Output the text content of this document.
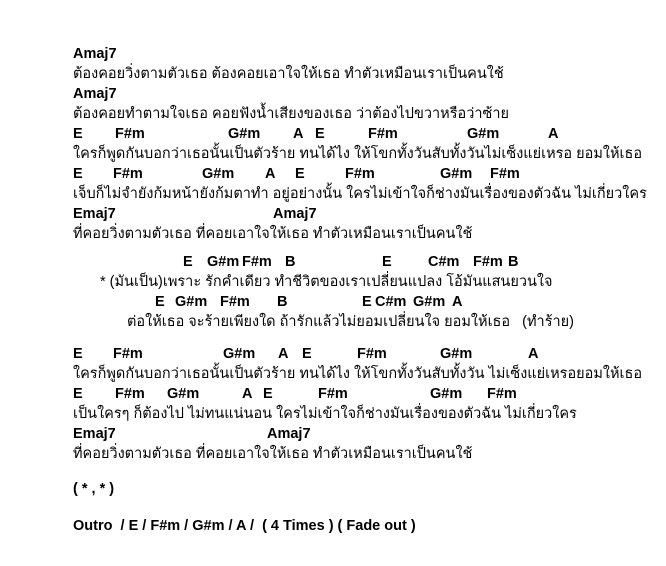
Amaj7
ต้องคอยวิ่งตามตัวเธอ ต้องคอยเอาใจให้เธอ ทำตัวเหมือนเราเป็นคนใช้
Amaj7
ต้องคอยทำตามใจเธอ คอยฟังน้ำเสียงของเธอ ว่าต้องไปขวาหรือว่าซ้าย
E F#m	G#m A E	F#m	G#m	A
ใครก็พูดกันบอกว่าเธอนั้นเป็นตัวร้าย ทนได้ไง ให้โขกทั้งวันสับทั้งวันไม่เซ็งแย่เหรอ ยอมให้เธอ
E F#m	G#m A E	F#m	G#m F#m
เจ็บก็ไม่จำยังก้มหน้ายังก้มตาทำ อยู่อย่างนั้น ใครไม่เข้าใจก็ช่างมันเรื่องของตัวฉัน ไม่เกี่ยวใคร
Emaj7	Amaj7
ที่คอยวิ่งตามตัวเธอ ที่คอยเอาใจให้เธอ ทำตัวเหมือนเราเป็นคนใช้
E G#m F#m B	E	C#m F#m B
* (มันเป็น)เพราะ รักคำเดียว ทำชีวิตของเราเปลี่ยนแปลง โอ้มันแสนยวนใจ
E G#m F#m B	E C#m G#m A
ต่อให้เธอ จะร้ายเพียงใด ถ้ารักแล้วไม่ยอมเปลี่ยนใจ ยอมให้เธอ   (ทำร้าย)
E F#m	G#m A E	F#m	G#m	A
ใครก็พูดกันบอกว่าเธอนั้นเป็นตัวร้าย ทนได้ไง ให้โขกทั้งวันสับทั้งวัน ไม่เซ็งแย่เหรอยอมให้เธอ
E F#m G#m	A E	F#m	G#m F#m
เป็นใครๆ ก็ต้องไป ไม่ทนแน่นอน ใครไม่เข้าใจก็ช่างมันเรื่องของตัวฉัน ไม่เกี่ยวใคร
Emaj7	Amaj7
ที่คอยวิ่งตามตัวเธอ ที่คอยเอาใจให้เธอ ทำตัวเหมือนเราเป็นคนใช้
( * , * )
Outro  / E / F#m / G#m / A /  ( 4 Times ) ( Fade out )
